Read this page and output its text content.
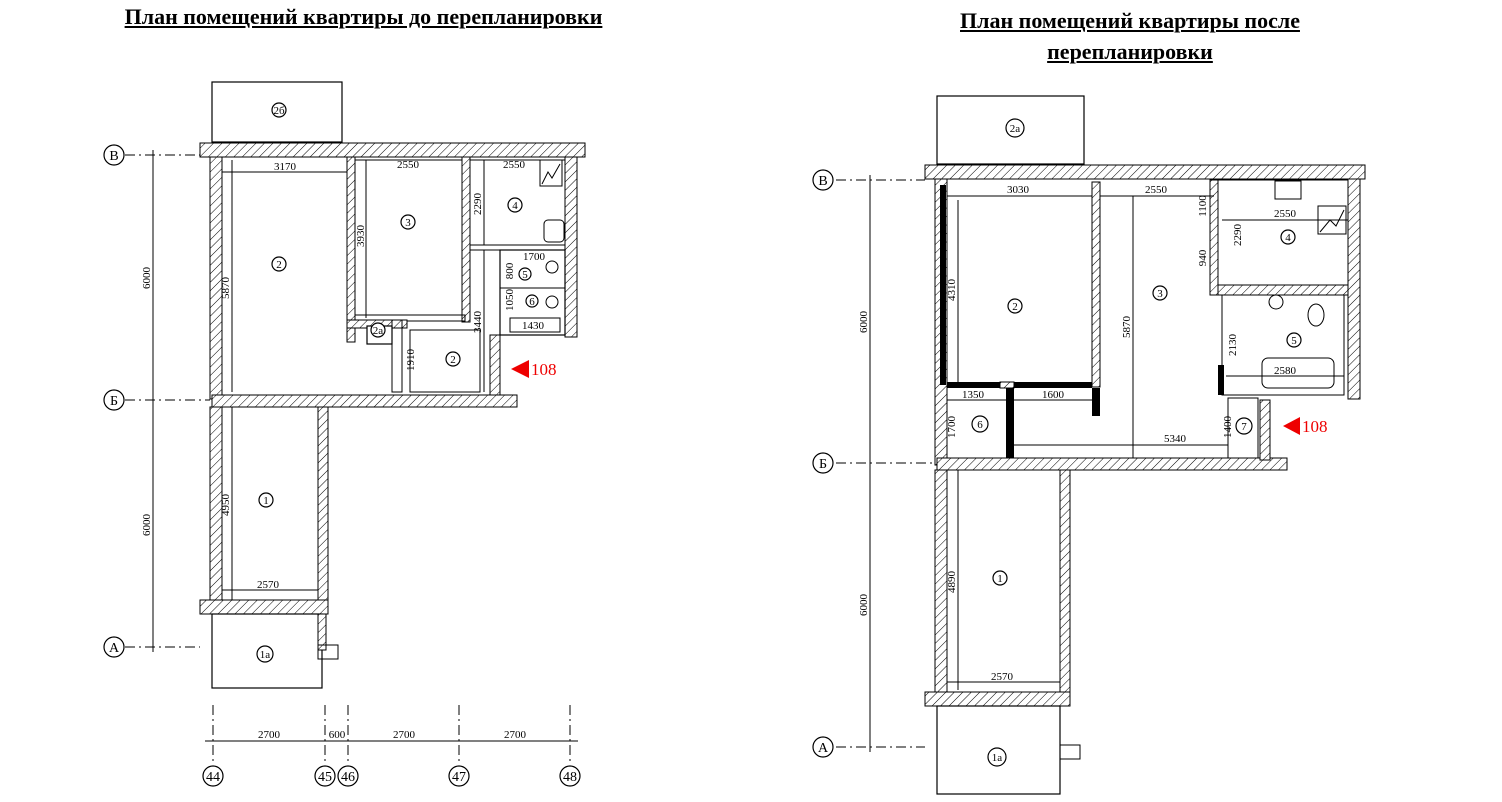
План помещений квартиры до перепланировки	План помещений квартиры после перепланировки
В
Б
А
6000
6000
2700	600	2700	2700
44	45 46	47	48
2б
3
4
2
5
6
2а
2
1
1а
3170	2550	2550
5870
3930
2290
1700
800
1050
1430
3440
1910
4950
2570
108
В
Б
А
6000
6000
2а
2
3
4
5
6	7
1
1а
3030	2550
1100	2550
940
2290
4310
5870
2130
2580
1350	1600
1700
5340
1400
4890
2570
108
